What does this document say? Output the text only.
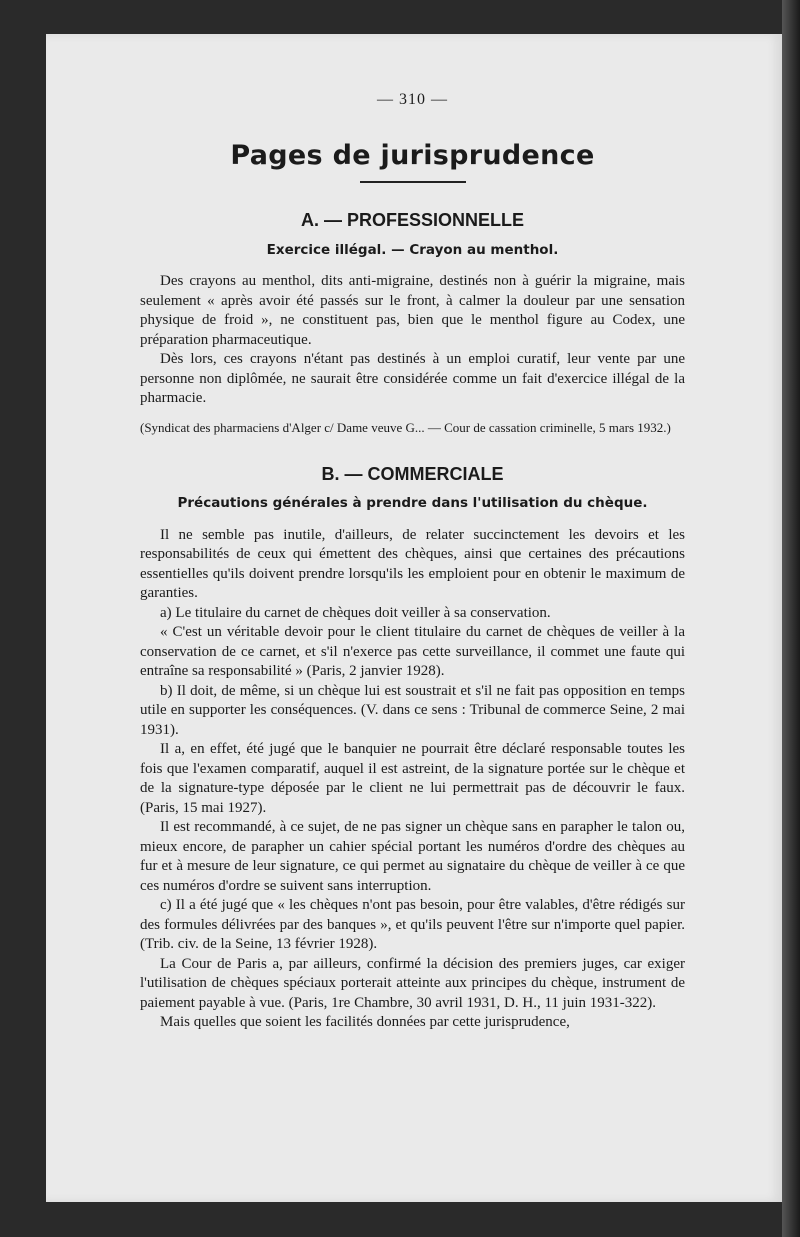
— 310 —
Pages de jurisprudence
A. — PROFESSIONNELLE
Exercice illégal. — Crayon au menthol.

Des crayons au menthol, dits anti-migraine, destinés non à guérir la migraine, mais seulement « après avoir été passés sur le front, à calmer la douleur par une sensation physique de froid », ne constituent pas, bien que le menthol figure au Codex, une préparation pharmaceutique.

Dès lors, ces crayons n'étant pas destinés à un emploi curatif, leur vente par une personne non diplômée, ne saurait être considérée comme un fait d'exercice illégal de la pharmacie.

(Syndicat des pharmaciens d'Alger c/ Dame veuve G... — Cour de cassation criminelle, 5 mars 1932.)

B. — COMMERCIALE
Précautions générales à prendre dans l'utilisation du chèque.

Il ne semble pas inutile, d'ailleurs, de relater succinctement les devoirs et les responsabilités de ceux qui émettent des chèques, ainsi que certaines des précautions essentielles qu'ils doivent prendre lorsqu'ils les emploient pour en obtenir le maximum de garanties.

a) Le titulaire du carnet de chèques doit veiller à sa conservation.

« C'est un véritable devoir pour le client titulaire du carnet de chèques de veiller à la conservation de ce carnet, et s'il n'exerce pas cette surveillance, il commet une faute qui entraîne sa responsabilité » (Paris, 2 janvier 1928).

b) Il doit, de même, si un chèque lui est soustrait et s'il ne fait pas opposition en temps utile en supporter les conséquences. (V. dans ce sens : Tribunal de commerce Seine, 2 mai 1931).

Il a, en effet, été jugé que le banquier ne pourrait être déclaré responsable toutes les fois que l'examen comparatif, auquel il est astreint, de la signature portée sur le chèque et de la signature-type déposée par le client ne lui permettrait pas de découvrir le faux. (Paris, 15 mai 1927).

Il est recommandé, à ce sujet, de ne pas signer un chèque sans en parapher le talon ou, mieux encore, de parapher un cahier spécial portant les numéros d'ordre des chèques au fur et à mesure de leur signature, ce qui permet au signataire du chèque de veiller à ce que ces numéros d'ordre se suivent sans interruption.

c) Il a été jugé que « les chèques n'ont pas besoin, pour être valables, d'être rédigés sur des formules délivrées par des banques », et qu'ils peuvent l'être sur n'importe quel papier. (Trib. civ. de la Seine, 13 février 1928).

La Cour de Paris a, par ailleurs, confirmé la décision des premiers juges, car exiger l'utilisation de chèques spéciaux porterait atteinte aux principes du chèque, instrument de paiement payable à vue. (Paris, 1re Chambre, 30 avril 1931, D. H., 11 juin 1931-322).

Mais quelles que soient les facilités données par cette jurisprudence,
